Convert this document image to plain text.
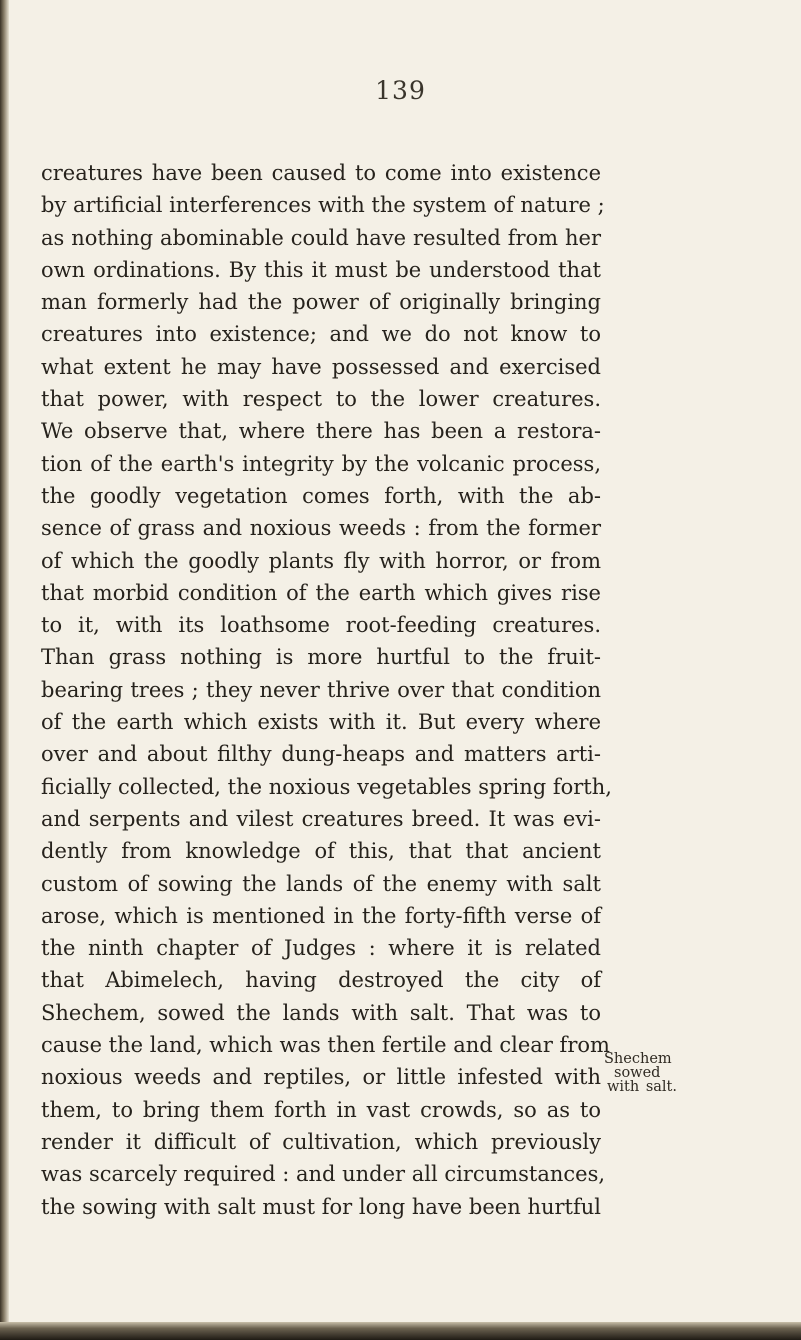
139
creatures have been caused to come into existence
by artificial interferences with the system of nature ;
as nothing abominable could have resulted from her
own ordinations. By this it must be understood that
man formerly had the power of originally bringing
creatures into existence; and we do not know to
what extent he may have possessed and exercised
that power, with respect to the lower creatures.
We observe that, where there has been a restora-
tion of the earth's integrity by the volcanic process,
the goodly vegetation comes forth, with the ab-
sence of grass and noxious weeds : from the former
of which the goodly plants fly with horror, or from
that morbid condition of the earth which gives rise
to it, with its loathsome root-feeding creatures.
Than grass nothing is more hurtful to the fruit-
bearing trees ; they never thrive over that condition
of the earth which exists with it. But every where
over and about filthy dung-heaps and matters arti-
ficially collected, the noxious vegetables spring forth,
and serpents and vilest creatures breed. It was evi-
dently from knowledge of this, that that ancient
custom of sowing the lands of the enemy with salt
arose, which is mentioned in the forty-fifth verse of
the ninth chapter of Judges : where it is related
that Abimelech, having destroyed the city of
Shechem, sowed the lands with salt. That was to
cause the land, which was then fertile and clear from
noxious weeds and reptiles, or little infested with
them, to bring them forth in vast crowds, so as to
render it difficult of cultivation, which previously
was scarcely required : and under all circumstances,
the sowing with salt must for long have been hurtful
Shechem
sowed
with salt.
